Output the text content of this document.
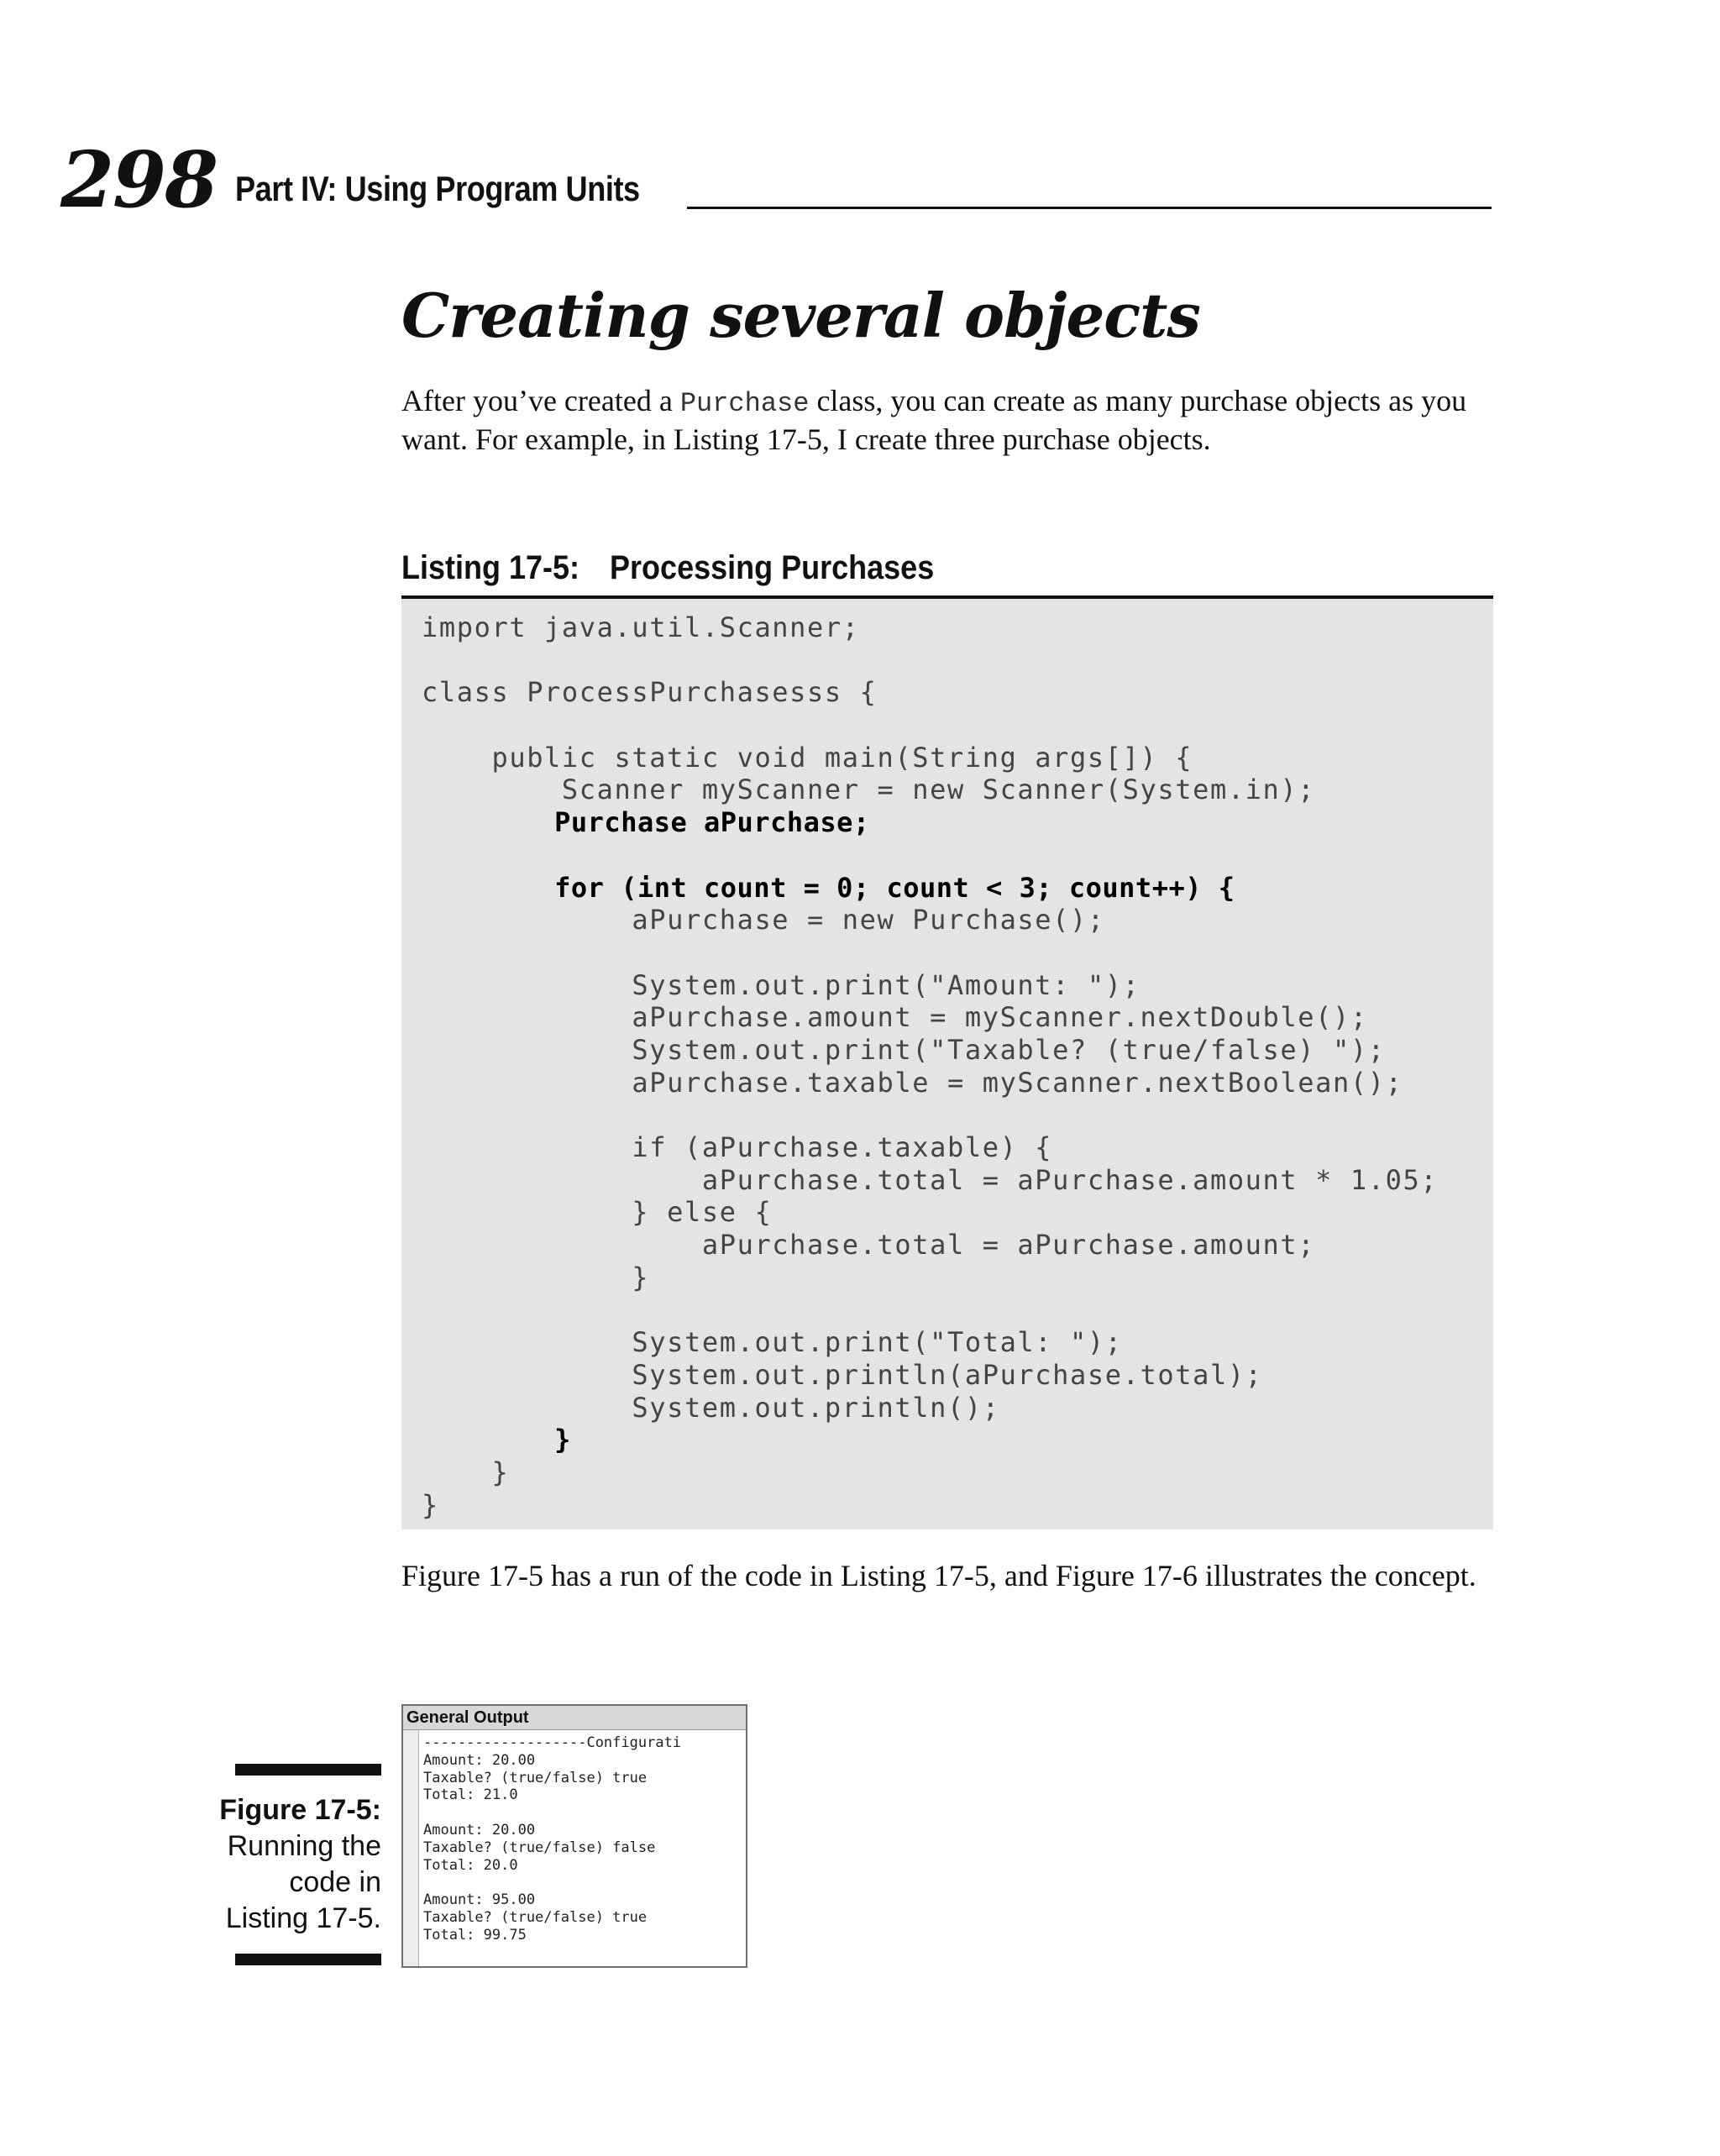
298 Part IV: Using Program Units
Creating several objects

After you’ve created a Purchase class, you can create as many purchase objects as you want. For example, in Listing 17-5, I create three purchase objects.

Listing 17-5: Processing Purchases
import java.util.Scanner;
class ProcessPurchasesss {
public static void main(String args[]) {
Scanner myScanner = new Scanner(System.in);
Purchase aPurchase;
for (int count = 0; count < 3; count++) {
aPurchase = new Purchase();
System.out.print("Amount: ");
aPurchase.amount = myScanner.nextDouble();
System.out.print("Taxable? (true/false) ");
aPurchase.taxable = myScanner.nextBoolean();
if (aPurchase.taxable) {
aPurchase.total = aPurchase.amount * 1.05;
} else {
aPurchase.total = aPurchase.amount;
}
System.out.print("Total: ");
System.out.println(aPurchase.total);
System.out.println();
}
}
}

Figure 17-5 has a run of the code in Listing 17-5, and Figure 17-6 illustrates the concept.

Figure 17-5:
Running the
code in
Listing 17-5.
General Output
-------------------Configurati
Amount: 20.00
Taxable? (true/false) true
Total: 21.0
Amount: 20.00
Taxable? (true/false) false
Total: 20.0
Amount: 95.00
Taxable? (true/false) true
Total: 99.75
